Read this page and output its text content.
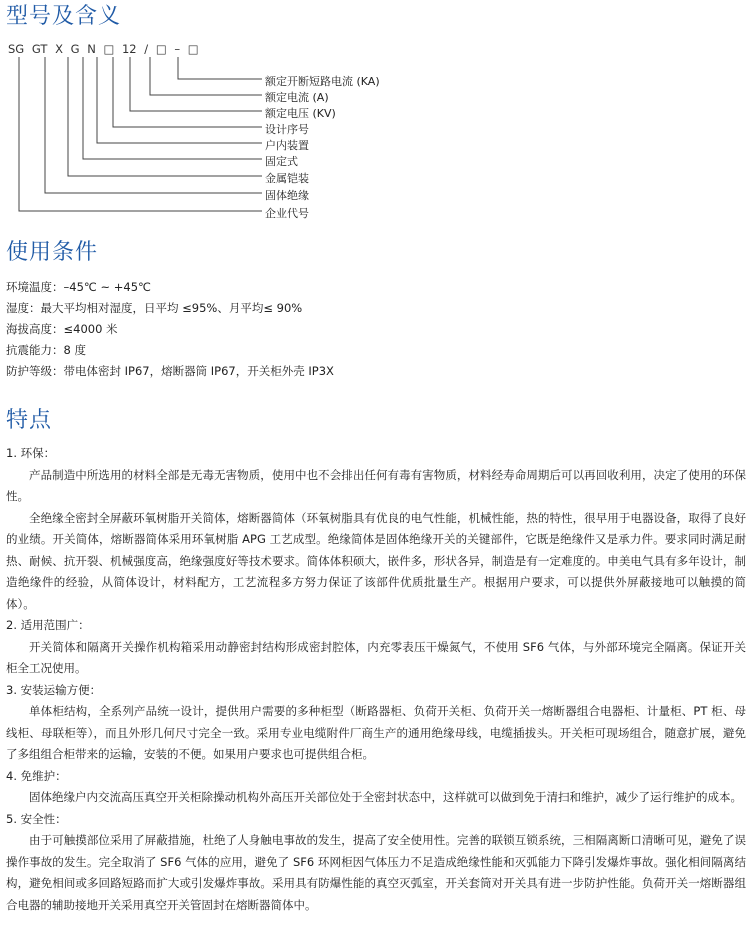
型号及含义
SG GT X G N □ 12 / □ – □
额定开断短路电流 (KA)
额定电流 (A)
额定电压 (KV)
设计序号
户内装置
固定式
金属铠装
固体绝缘
企业代号
使用条件
环境温度：–45℃ ~ +45℃
湿度：最大平均相对湿度，日平均 ≤95%、月平均≤ 90%
海拔高度：≤4000 米
抗震能力：8 度
防护等级：带电体密封 IP67，熔断器筒 IP67，开关柜外壳 IP3X
特点
1. 环保：

产品制造中所选用的材料全部是无毒无害物质，使用中也不会排出任何有毒有害物质，材料经寿命周期后可以再回收利用，决定了使用的环保性。

全绝缘全密封全屏蔽环氧树脂开关简体，熔断器简体（环氧树脂具有优良的电气性能，机械性能，热的特性，很早用于电器设备，取得了良好的业绩。开关简体，熔断器简体采用环氧树脂 APG 工艺成型。绝缘简体是固体绝缘开关的关键部件，它既是绝缘件又是承力件。要求同时满足耐热、耐候、抗开裂、机械强度高，绝缘强度好等技术要求。简体体积硕大，嵌件多，形状各异，制造是有一定难度的。申美电气具有多年设计，制造绝缘件的经验，从简体设计，材料配方，工艺流程多方努力保证了该部件优质批量生产。根据用户要求，可以提供外屏蔽接地可以触摸的简体）。

2. 适用范围广：

开关简体和隔离开关操作机构箱采用动静密封结构形成密封腔体，内充零表压干燥氮气，不使用 SF6 气体，与外部环境完全隔离。保证开关柜全工况使用。

3. 安装运输方便：

单体柜结构，全系列产品统一设计，提供用户需要的多种柜型（断路器柜、负荷开关柜、负荷开关一熔断器组合电器柜、计量柜、PT 柜、母线柜、母联柜等），而且外形几何尺寸完全一致。采用专业电缆附件厂商生产的通用绝缘母线，电缆插拔头。开关柜可现场组合，随意扩展，避免了多组组合柜带来的运输，安装的不便。如果用户要求也可提供组合柜。

4. 免维护：

固体绝缘户内交流高压真空开关柜除操动机构外高压开关部位处于全密封状态中，这样就可以做到免于清扫和维护，减少了运行维护的成本。

5. 安全性：

由于可触摸部位采用了屏蔽措施，杜绝了人身触电事故的发生，提高了安全使用性。完善的联锁互锁系统，三相隔离断口清晰可见，避免了误操作事故的发生。完全取消了 SF6 气体的应用，避免了 SF6 环网柜因气体压力不足造成绝缘性能和灭弧能力下降引发爆炸事故。强化相间隔离结构，避免相间或多回路短路而扩大或引发爆炸事故。采用具有防爆性能的真空灭弧室，开关套筒对开关具有进一步防护性能。负荷开关一熔断器组合电器的辅助接地开关采用真空开关管固封在熔断器简体中。
